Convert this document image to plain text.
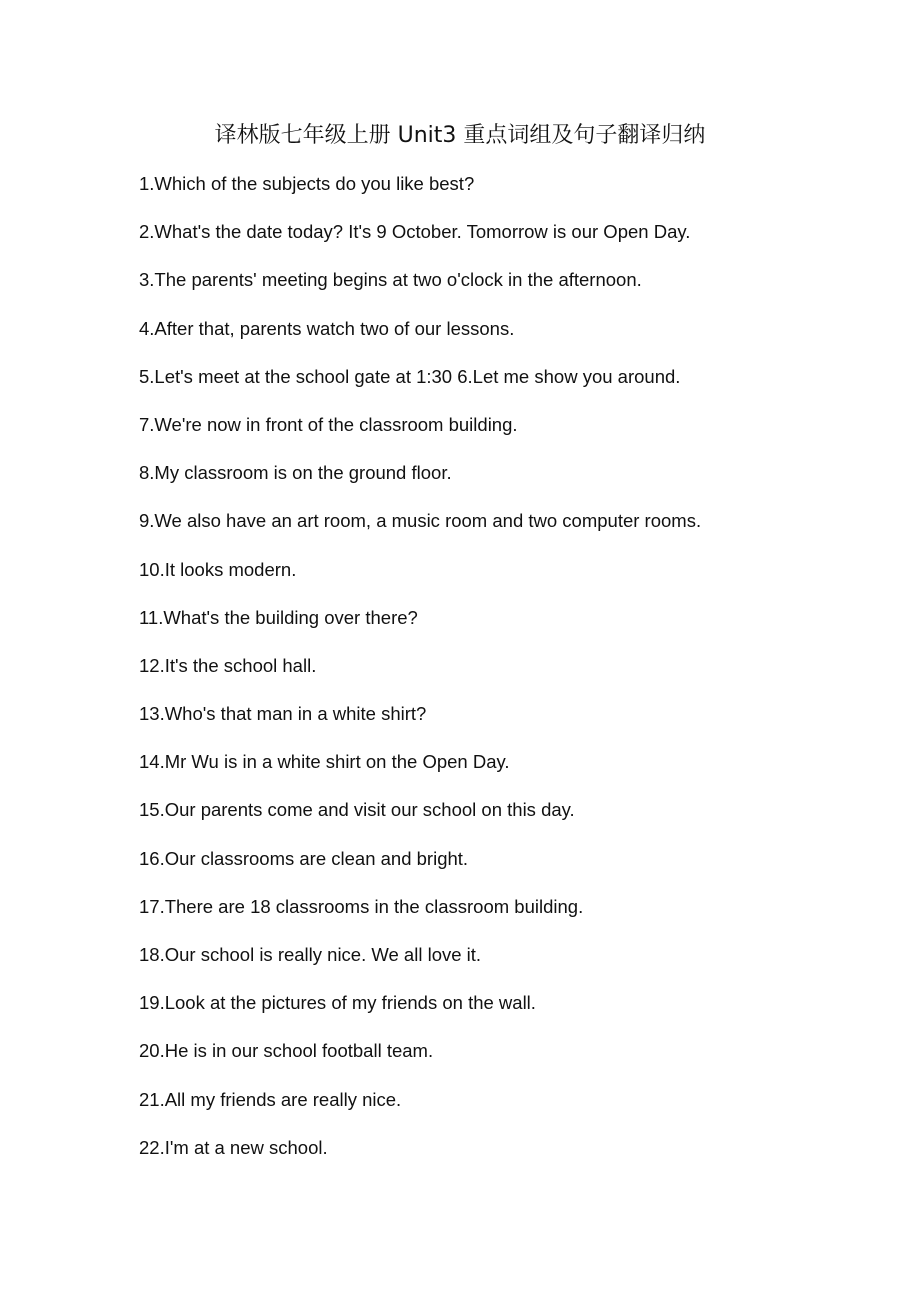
译林版七年级上册 Unit3 重点词组及句子翻译归纳
1.Which of the subjects do you like best?
2.What's the date today? It's 9 October. Tomorrow is our Open Day.
3.The parents' meeting begins at two o'clock in the afternoon.
4.After that, parents watch two of our lessons.
5.Let's meet at the school gate at 1:30 6.Let me show you around.
7.We're now in front of the classroom building.
8.My classroom is on the ground floor.
9.We also have an art room, a music room and two computer rooms.
10.It looks modern.
11.What's the building over there?
12.It's the school hall.
13.Who's that man in a white shirt?
14.Mr Wu is in a white shirt on the Open Day.
15.Our parents come and visit our school on this day.
16.Our classrooms are clean and bright.
17.There are 18 classrooms in the classroom building.
18.Our school is really nice. We all love it.
19.Look at the pictures of my friends on the wall.
20.He is in our school football team.
21.All my friends are really nice.
22.I'm at a new school.
